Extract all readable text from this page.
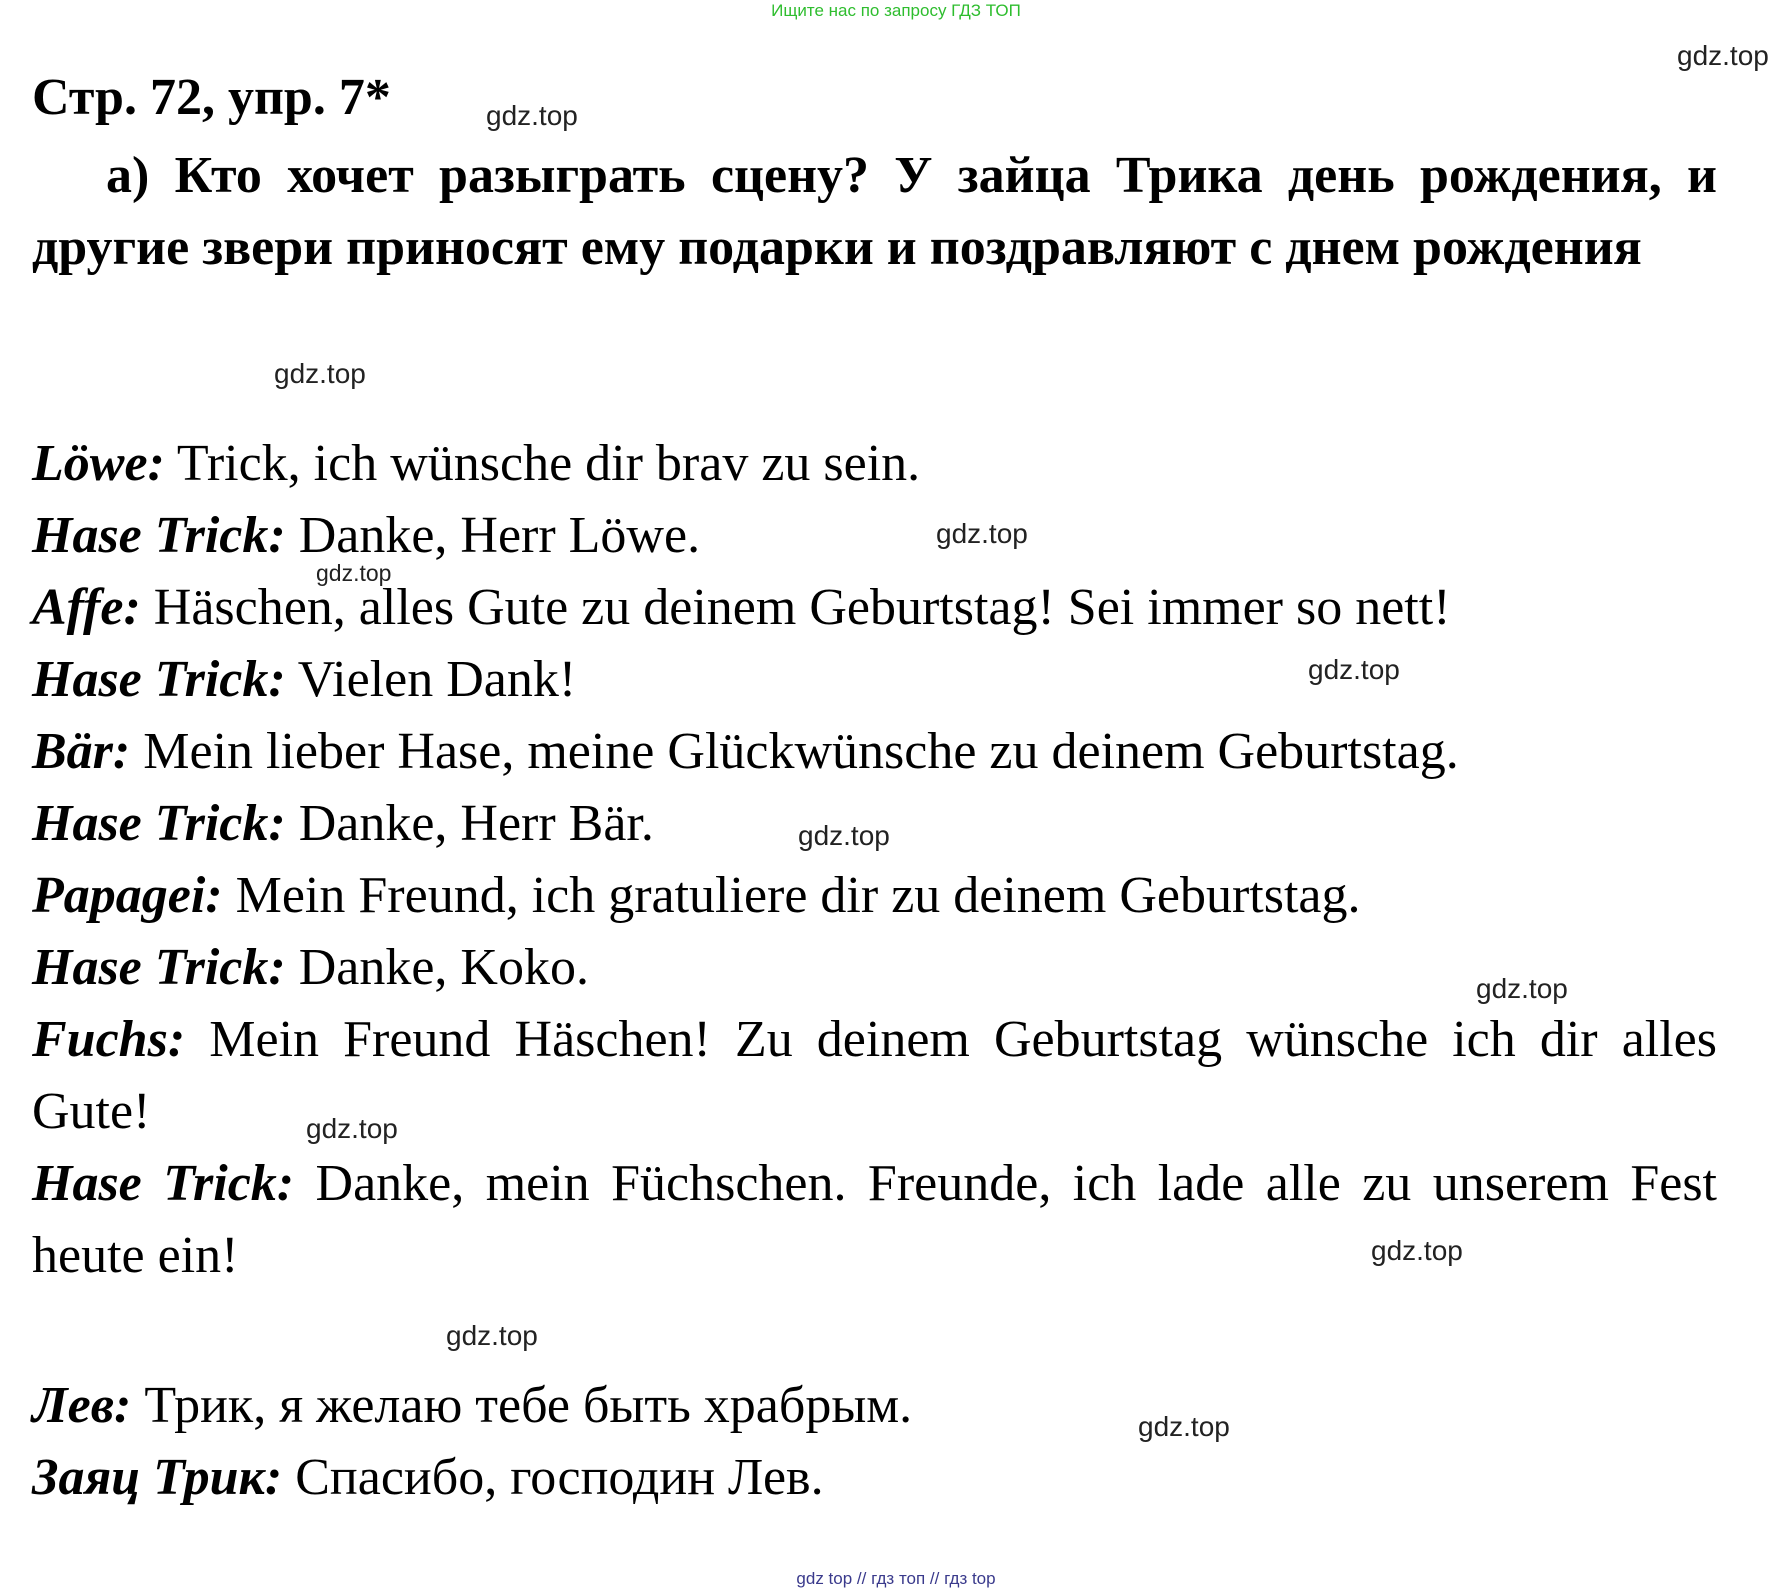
Ищите нас по запросу ГДЗ ТОП
Стр. 72, упр. 7*
а) Кто хочет разыграть сцену? У зайца Трика день рождения, и другие звери приносят ему подарки и поздравляют с днем рождения
Löwe: Trick, ich wünsche dir brav zu sein.
Hase Trick: Danke, Herr Löwe.
Affe: Häschen, alles Gute zu deinem Geburtstag! Sei immer so nett!
Hase Trick: Vielen Dank!
Bär: Mein lieber Hase, meine Glückwünsche zu deinem Geburtstag.
Hase Trick: Danke, Herr Bär.
Papagei: Mein Freund, ich gratuliere dir zu deinem Geburtstag.
Hase Trick: Danke, Koko.
Fuchs: Mein Freund Häschen! Zu deinem Geburtstag wünsche ich dir alles Gute!
Hase Trick: Danke, mein Füchschen. Freunde, ich lade alle zu unserem Fest heute ein!
Лев: Трик, я желаю тебе быть храбрым.
Заяц Трик: Спасибо, господин Лев.
gdz.top
gdz.top
gdz.top
gdz.top
gdz.top
gdz.top
gdz.top
gdz.top
gdz.top
gdz.top
gdz.top
gdz.top
gdz top // гдз топ // гдз top
